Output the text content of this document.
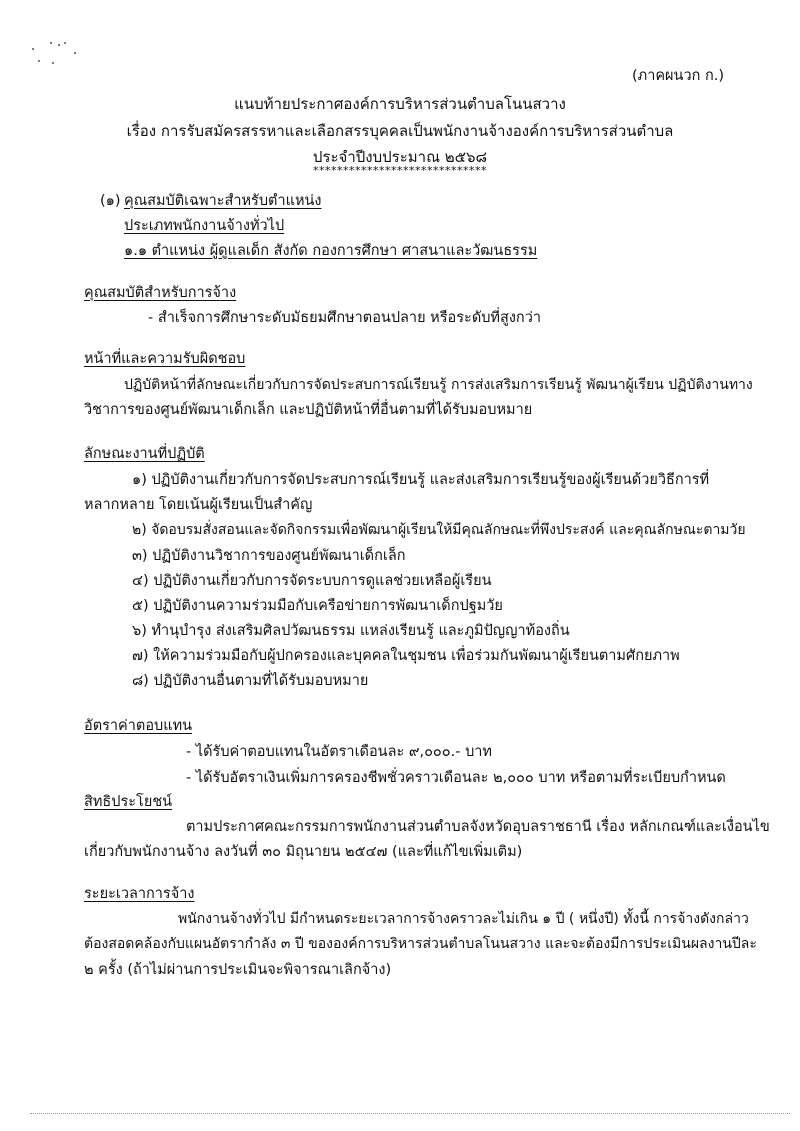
(ภาคผนวก ก.)
แนบท้ายประกาศองค์การบริหารส่วนตำบลโนนสวาง
เรื่อง การรับสมัครสรรหาและเลือกสรรบุคคลเป็นพนักงานจ้างองค์การบริหารส่วนตำบล
ประจำปีงบประมาณ ๒๕๖๘
*****************************
(๑) คุณสมบัติเฉพาะสำหรับตำแหน่ง
ประเภทพนักงานจ้างทั่วไป
๑.๑ ตำแหน่ง ผู้ดูแลเด็ก สังกัด กองการศึกษา ศาสนาและวัฒนธรรม
คุณสมบัติสำหรับการจ้าง
- สำเร็จการศึกษาระดับมัธยมศึกษาตอนปลาย หรือระดับที่สูงกว่า
หน้าที่และความรับผิดชอบ
ปฏิบัติหน้าที่ลักษณะเกี่ยวกับการจัดประสบการณ์เรียนรู้ การส่งเสริมการเรียนรู้ พัฒนาผู้เรียน ปฏิบัติงานทาง
วิชาการของศูนย์พัฒนาเด็กเล็ก และปฏิบัติหน้าที่อื่นตามที่ได้รับมอบหมาย
ลักษณะงานที่ปฏิบัติ
๑) ปฏิบัติงานเกี่ยวกับการจัดประสบการณ์เรียนรู้ และส่งเสริมการเรียนรู้ของผู้เรียนด้วยวิธีการที่
หลากหลาย โดยเน้นผู้เรียนเป็นสำคัญ
๒) จัดอบรมสั่งสอนและจัดกิจกรรมเพื่อพัฒนาผู้เรียนให้มีคุณลักษณะที่พึงประสงค์ และคุณลักษณะตามวัย
๓) ปฏิบัติงานวิชาการของศูนย์พัฒนาเด็กเล็ก
๔) ปฏิบัติงานเกี่ยวกับการจัดระบบการดูแลช่วยเหลือผู้เรียน
๕) ปฏิบัติงานความร่วมมือกับเครือข่ายการพัฒนาเด็กปฐมวัย
๖) ทำนุบำรุง ส่งเสริมศิลปวัฒนธรรม แหล่งเรียนรู้ และภูมิปัญญาท้องถิ่น
๗) ให้ความร่วมมือกับผู้ปกครองและบุคคลในชุมชน เพื่อร่วมกันพัฒนาผู้เรียนตามศักยภาพ
๘) ปฏิบัติงานอื่นตามที่ได้รับมอบหมาย
อัตราค่าตอบแทน
- ได้รับค่าตอบแทนในอัตราเดือนละ ๙,๐๐๐.- บาท
- ได้รับอัตราเงินเพิ่มการครองชีพชั่วคราวเดือนละ ๒,๐๐๐ บาท หรือตามที่ระเบียบกำหนด
สิทธิประโยชน์
ตามประกาศคณะกรรมการพนักงานส่วนตำบลจังหวัดอุบลราชธานี เรื่อง หลักเกณฑ์และเงื่อนไข
เกี่ยวกับพนักงานจ้าง ลงวันที่ ๓๐ มิถุนายน ๒๕๔๗ (และที่แก้ไขเพิ่มเติม)
ระยะเวลาการจ้าง
พนักงานจ้างทั่วไป มีกำหนดระยะเวลาการจ้างคราวละไม่เกิน ๑ ปี ( หนึ่งปี) ทั้งนี้ การจ้างดังกล่าว
ต้องสอดคล้องกับแผนอัตรากำลัง ๓ ปี ขององค์การบริหารส่วนตำบลโนนสวาง และจะต้องมีการประเมินผลงานปีละ
๒ ครั้ง (ถ้าไม่ผ่านการประเมินจะพิจารณาเลิกจ้าง)
